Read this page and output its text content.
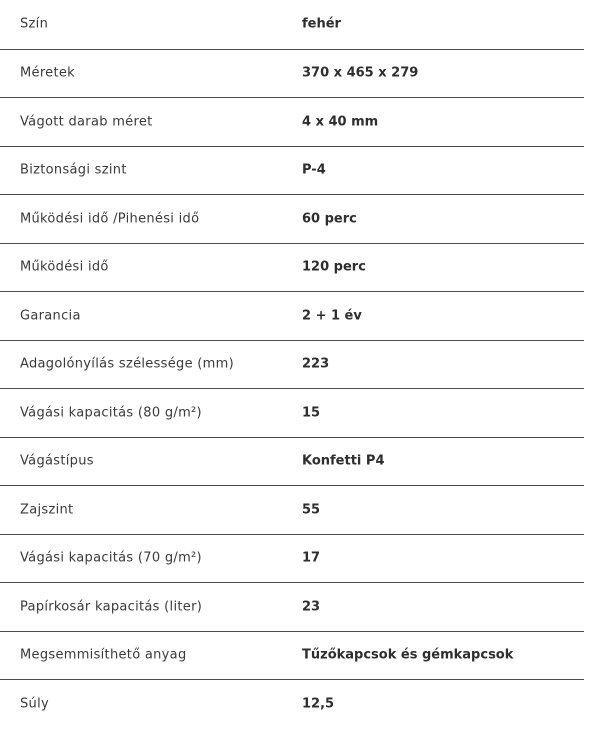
Szín	fehér
Méretek	370 x 465 x 279
Vágott darab méret	4 x 40 mm
Biztonsági szint	P-4
Működési idő /Pihenési idő	60 perc
Működési idő	120 perc
Garancia	2 + 1 év
Adagolónyílás szélessége (mm)	223
Vágási kapacitás (80 g/m²)	15
Vágástípus	Konfetti P4
Zajszint	55
Vágási kapacitás (70 g/m²)	17
Papírkosár kapacitás (liter)	23
Megsemmisíthető anyag	Tűzőkapcsok és gémkapcsok
Súly	12,5
